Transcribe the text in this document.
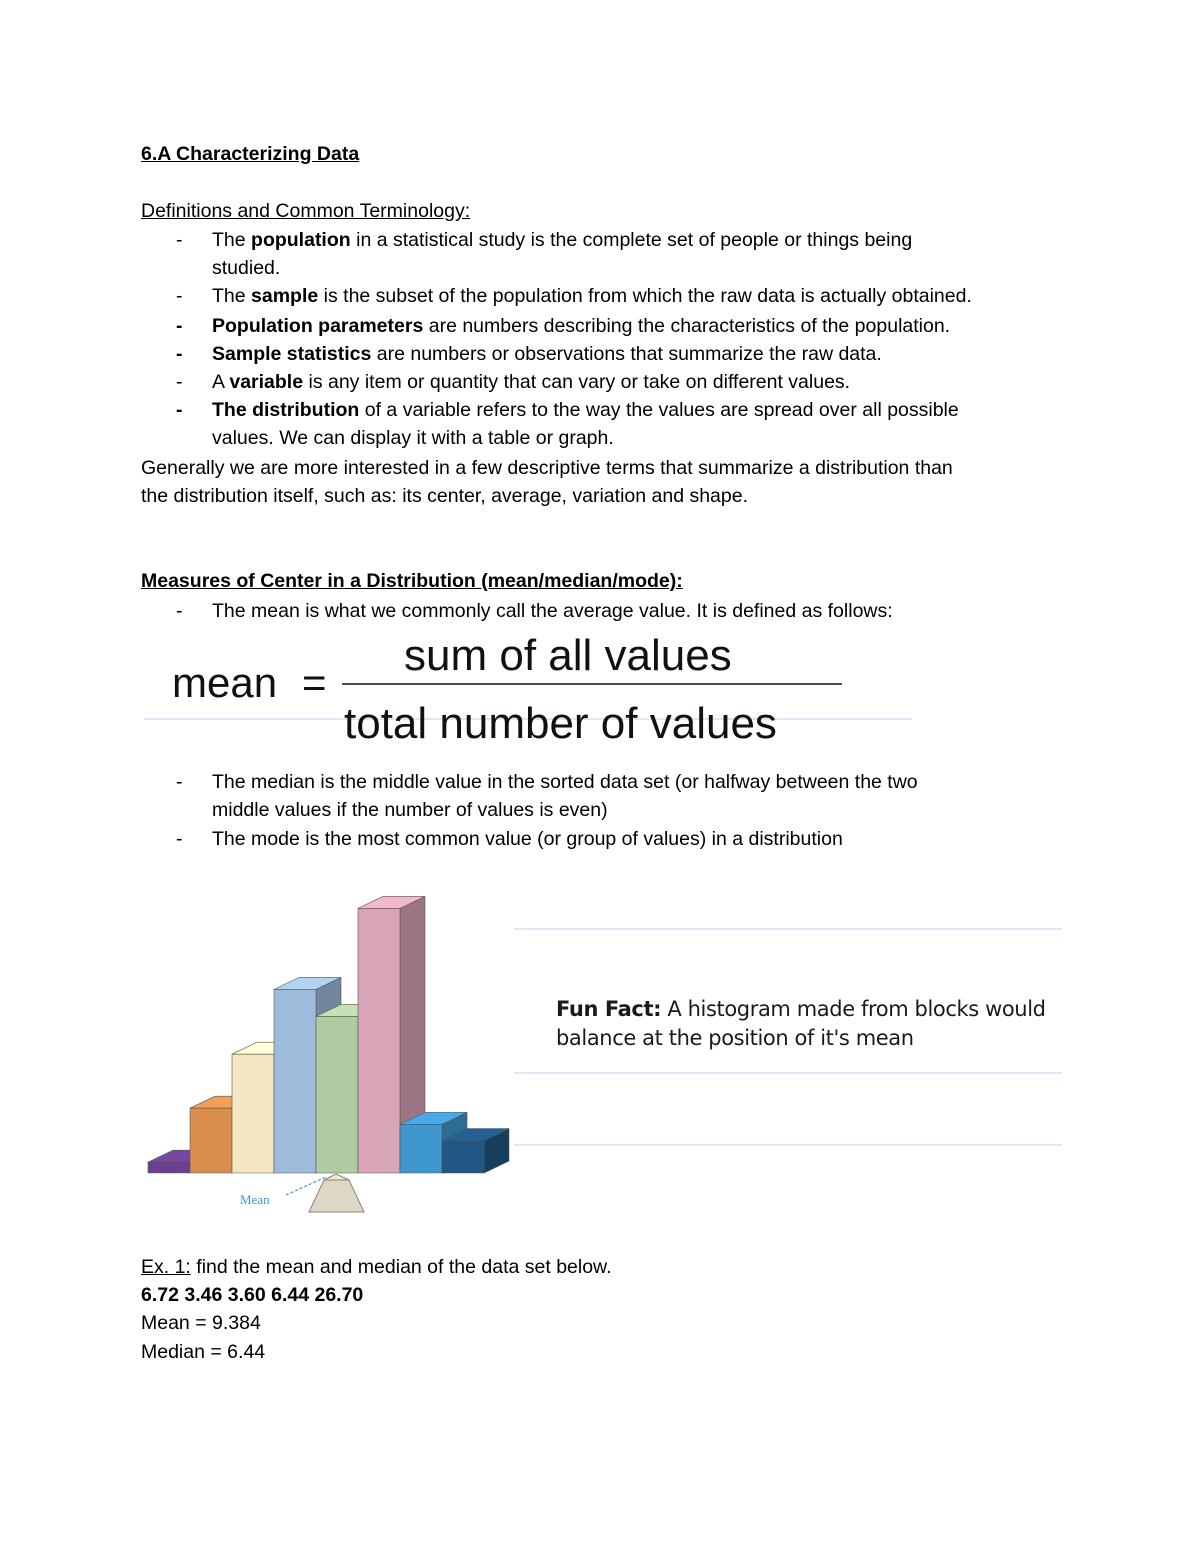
6.A Characterizing Data
Definitions and Common Terminology:
-	The population in a statistical study is the complete set of people or things being
studied.
-	The sample is the subset of the population from which the raw data is actually obtained.
-	Population parameters are numbers describing the characteristics of the population.
-	Sample statistics are numbers or observations that summarize the raw data.
-	A variable is any item or quantity that can vary or take on different values.
-	The distribution of a variable refers to the way the values are spread over all possible
values. We can display it with a table or graph.
Generally we are more interested in a few descriptive terms that summarize a distribution than
the distribution itself, such as: its center, average, variation and shape.
Measures of Center in a Distribution (mean/median/mode):
-	The mean is what we commonly call the average value. It is defined as follows:
mean =
sum of all values
total number of values
-	The median is the middle value in the sorted data set (or halfway between the two
middle values if the number of values is even)
-	The mode is the most common value (or group of values) in a distribution
Mean
Fun Fact: A histogram made from blocks would
balance at the position of it's mean
Ex. 1: find the mean and median of the data set below.
6.72 3.46 3.60 6.44 26.70
Mean = 9.384
Median = 6.44
